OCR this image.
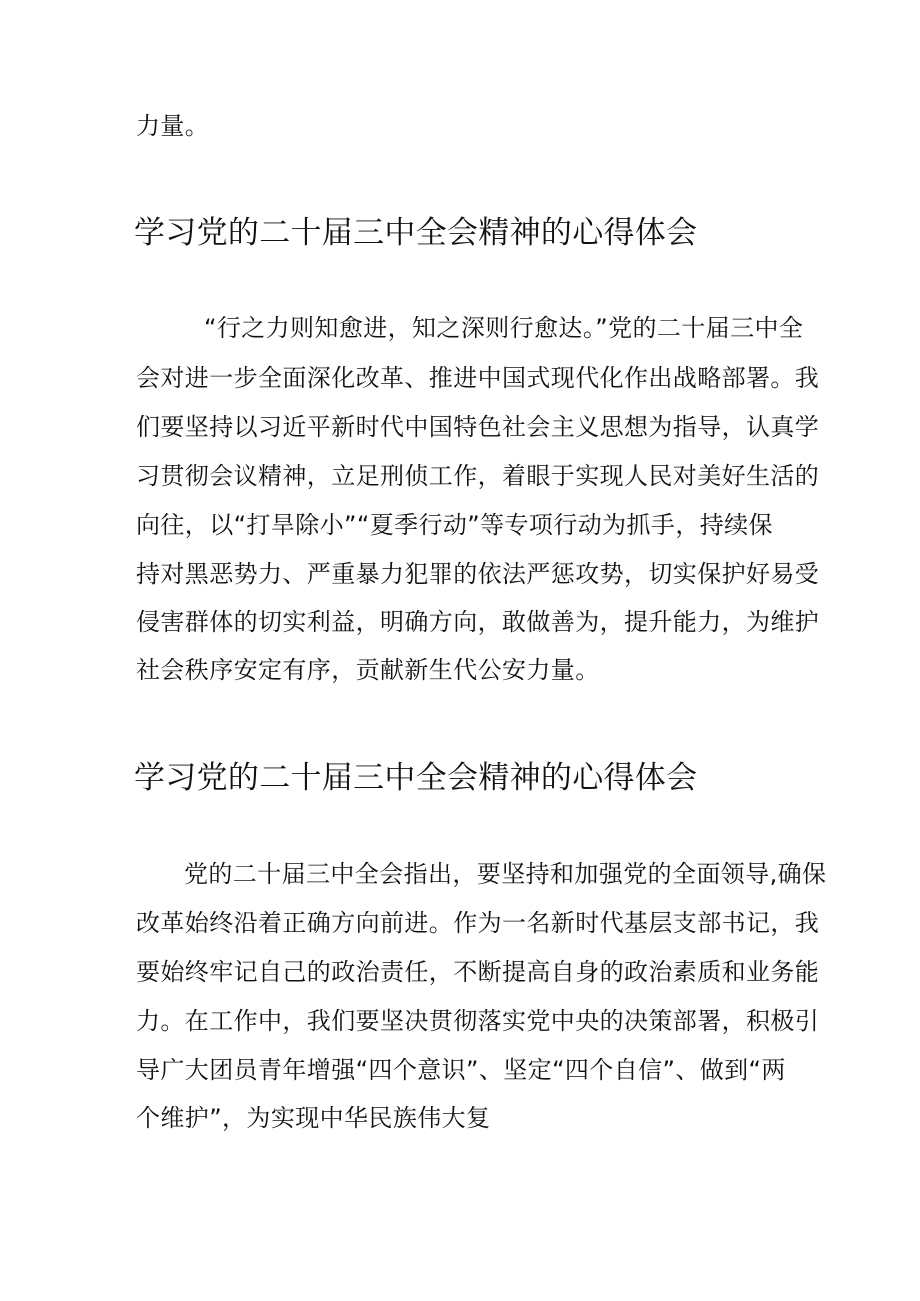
力量。
学习党的二十届三中全会精神的心得体会
“行之力则知愈进，知之深则行愈达。”党的二十届三中全
会对进一步全面深化改革、推进中国式现代化作出战略部署。我
们要坚持以习近平新时代中国特色社会主义思想为指导，认真学
习贯彻会议精神，立足刑侦工作，着眼于实现人民对美好生活的
向往，以“打旱除小”“夏季行动”等专项行动为抓手，持续保
持对黑恶势力、严重暴力犯罪的依法严惩攻势，切实保护好易受
侵害群体的切实利益，明确方向，敢做善为，提升能力，为维护
社会秩序安定有序，贡献新生代公安力量。
学习党的二十届三中全会精神的心得体会
党的二十届三中全会指出，要坚持和加强党的全面领导,确保
改革始终沿着正确方向前进。作为一名新时代基层支部书记，我
要始终牢记自己的政治责任，不断提高自身的政治素质和业务能
力。在工作中，我们要坚决贯彻落实党中央的决策部署，积极引
导广大团员青年增强“四个意识”、坚定“四个自信”、做到“两
个维护”，为实现中华民族伟大复
